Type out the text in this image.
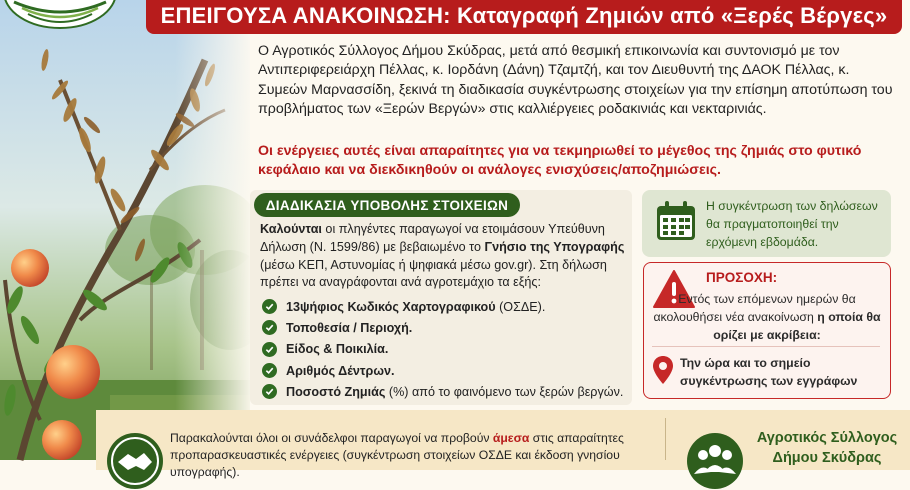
ΕΠΕΙΓΟΥΣΑ ΑΝΑΚΟΙΝΩΣΗ: Καταγραφή Ζημιών από «Ξερές Βέργες»

Ο Αγροτικός Σύλλογος Δήμου Σκύδρας, μετά από θεσμική επικοινωνία και συντονισμό με τον Αντιπεριφερειάρχη Πέλλας, κ. Ιορδάνη (Δάνη) Τζαμτζή, και τον Διευθυντή της ΔΑΟΚ Πέλλας, κ. Συμεών Μαρνασσίδη, ξεκινά τη διαδικασία συγκέντρωσης στοιχείων για την επίσημη αποτύπωση του προβλήματος των «Ξερών Βεργών» στις καλλιέργειες ροδακινιάς και νεκταρινιάς.

Οι ενέργειες αυτές είναι απαραίτητες για να τεκμηριωθεί το μέγεθος της ζημιάς στο φυτικό κεφάλαιο και να διεκδικηθούν οι ανάλογες ενισχύσεις/αποζημιώσεις.

ΔΙΑΔΙΚΑΣΙΑ ΥΠΟΒΟΛΗΣ ΣΤΟΙΧΕΙΩΝ

Καλούνται οι πληγέντες παραγωγοί να ετοιμάσουν Υπεύθυνη Δήλωση (Ν. 1599/86) με βεβαιωμένο το Γνήσιο της Υπογραφής (μέσω ΚΕΠ, Αστυνομίας ή ψηφιακά μέσω gov.gr). Στη δήλωση πρέπει να αναγράφονται ανά αγροτεμάχιο τα εξής:

13ψήφιος Κωδικός Χαρτογραφικού (ΟΣΔΕ).
Τοποθεσία / Περιοχή.
Είδος & Ποικιλία.
Αριθμός Δέντρων.
Ποσοστό Ζημιάς (%) από το φαινόμενο των ξερών βεργών.

Η συγκέντρωση των δηλώσεων θα πραγματοποιηθεί την ερχόμενη εβδομάδα.

ΠΡΟΣΟΧΗ:

Εντός των επόμενων ημερών θα ακολουθήσει νέα ανακοίνωση η οποία θα ορίζει με ακρίβεια:

Την ώρα και το σημείο συγκέντρωσης των εγγράφων

Παρακαλούνται όλοι οι συνάδελφοι παραγωγοί να προβούν άμεσα στις απαραίτητες προπαρασκευαστικές ενέργειες (συγκέντρωση στοιχείων ΟΣΔΕ και έκδοση γνησίου υπογραφής).

Αγροτικός Σύλλογος Δήμου Σκύδρας
